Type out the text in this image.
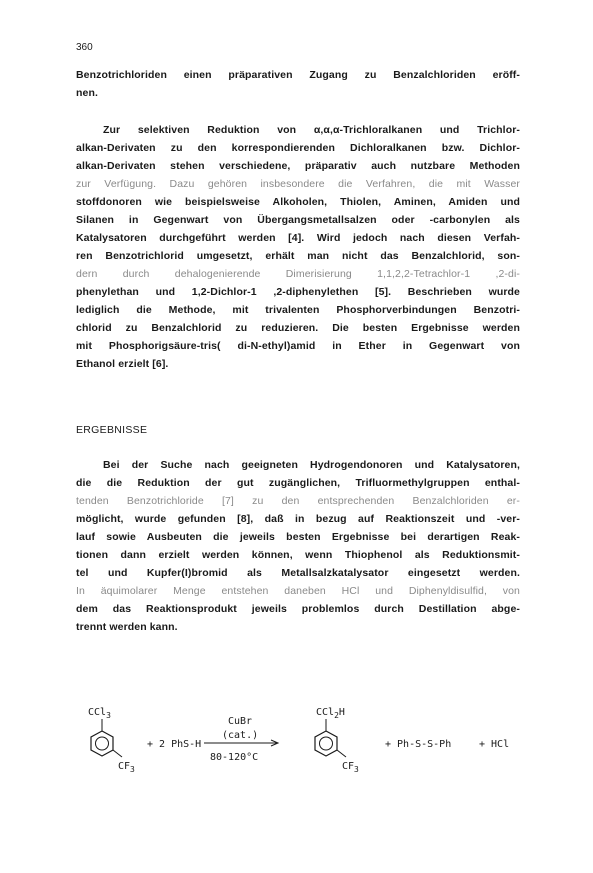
360
Benzotrichloriden einen präparativen Zugang zu Benzalchloriden eröff-
nen.
Zur selektiven Reduktion von α,α,α-Trichloralkanen und Trichlor-
alkan-Derivaten zu den korrespondierenden Dichloralkanen bzw. Dichlor-
alkan-Derivaten stehen verschiedene, präparativ auch nutzbare Methoden
zur Verfügung. Dazu gehören insbesondere die Verfahren, die mit Wasser
stoffdonoren wie beispielsweise Alkoholen, Thiolen, Aminen, Amiden und
Silanen in Gegenwart von Übergangsmetallsalzen oder -carbonylen als
Katalysatoren durchgeführt werden [4]. Wird jedoch nach diesen Verfah-
ren Benzotrichlorid umgesetzt, erhält man nicht das Benzalchlorid, son-
dern durch dehalogenierende Dimerisierung 1,1,2,2-Tetrachlor-1 ,2-di-
phenylethan und 1,2-Dichlor-1 ,2-diphenylethen [5]. Beschrieben wurde
lediglich die Methode, mit trivalenten Phosphorverbindungen Benzotri-
chlorid zu Benzalchlorid zu reduzieren. Die besten Ergebnisse werden
mit Phosphorigsäure-tris( di-N-ethyl)amid in Ether in Gegenwart von
Ethanol erzielt [6].
ERGEBNISSE
Bei der Suche nach geeigneten Hydrogendonoren und Katalysatoren,
die die Reduktion der gut zugänglichen, Trifluormethylgruppen enthal-
tenden Benzotrichloride [7] zu den entsprechenden Benzalchloriden er-
möglicht, wurde gefunden [8], daß in bezug auf Reaktionszeit und -ver-
lauf sowie Ausbeuten die jeweils besten Ergebnisse bei derartigen Reak-
tionen dann erzielt werden können, wenn Thiophenol als Reduktionsmit-
tel und Kupfer(I)bromid als Metallsalzkatalysator eingesetzt werden.
In äquimolarer Menge entstehen daneben HCl und Diphenyldisulfid, von
dem das Reaktionsprodukt jeweils problemlos durch Destillation abge-
trennt werden kann.
CCl$_3$
$CF_3$
+ 2 PhS-H
CuBr
(cat.)
80-120°C
CCl$_2$H
$CF_3$
+ Ph-S-S-Ph	+ HCl
